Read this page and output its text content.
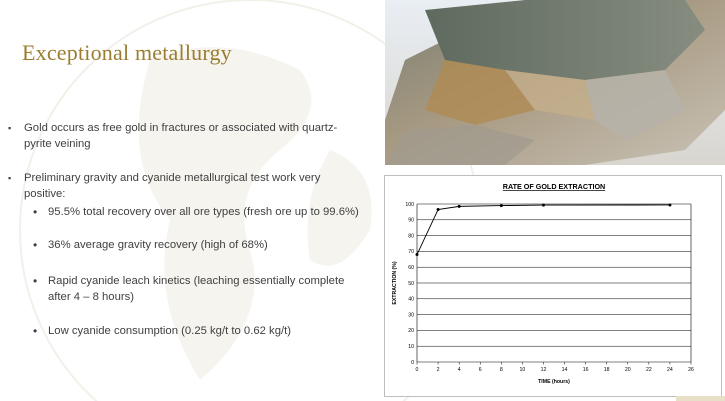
Exceptional metallurgy
▪	Gold occurs as free gold in fractures or associated with quartz-pyrite veining
▪	Preliminary gravity and cyanide metallurgical test work very positive:
• 95.5% total recovery over all ore types (fresh ore up to 99.6%)
• 36% average gravity recovery (high of 68%)
• Rapid cyanide leach kinetics (leaching essentially complete after 4 – 8 hours)
• Low cyanide consumption (0.25 kg/t to 0.62 kg/t)
RATE OF GOLD EXTRACTION
0
10
20
30
40
50
60
70
80
90
100
0	2	4	6	8	10	12	14	16	18	20	22	24	26
TIME (hours)
EXTRACTION (%)
